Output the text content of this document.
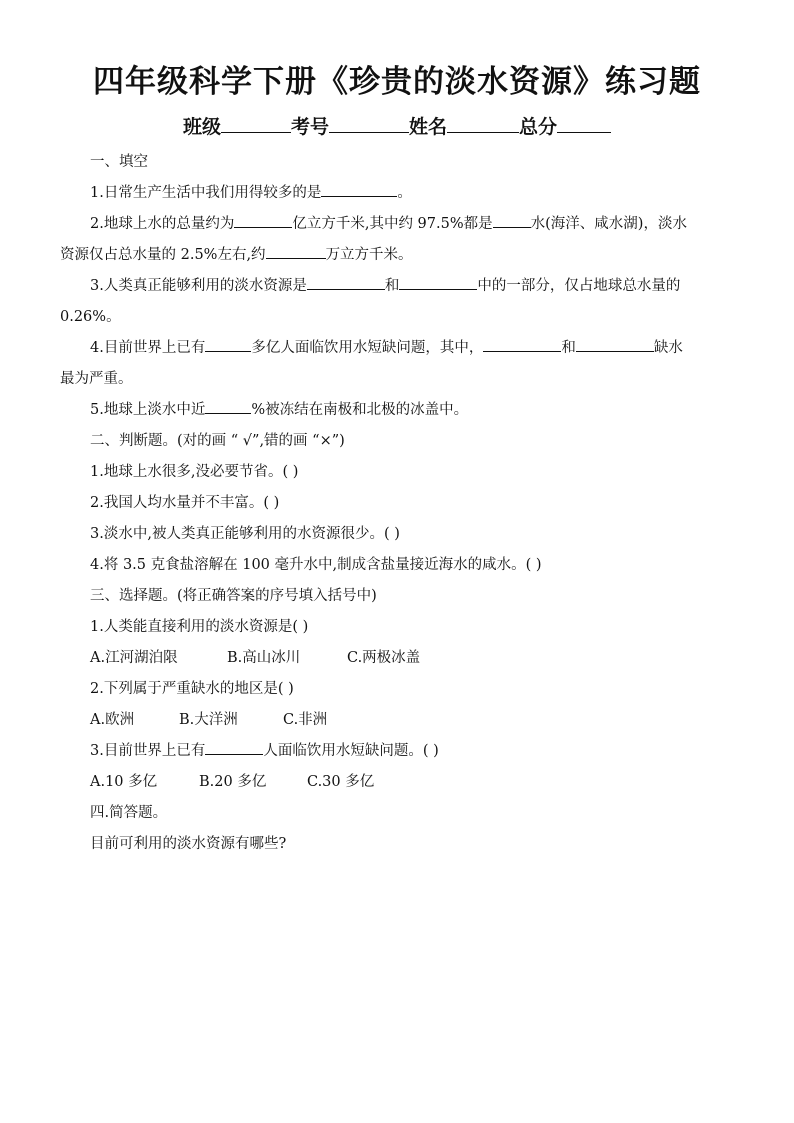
四年级科学下册《珍贵的淡水资源》练习题
班级	考号	姓名	总分
一、填空
1.日常生产生活中我们用得较多的是	。
2.地球上水的总量约为	亿立方千米,其中约 97.5%都是	水(海洋、咸水湖)，淡水
资源仅占总水量的 2.5%左右,约	万立方千米。
3.人类真正能够利用的淡水资源是	和	中的一部分，仅占地球总水量的
0.26%。
4.目前世界上已有	多亿人面临饮用水短缺问题，其中，	和	缺水
最为严重。
5.地球上淡水中近	%被冻结在南极和北极的冰盖中。
二、判断题。(对的画 “ √”,错的画 “×”)
1.地球上水很多,没必要节省。( )
2.我国人均水量并不丰富。( )
3.淡水中,被人类真正能够利用的水资源很少。( )
4.将 3.5 克食盐溶解在 100 毫升水中,制成含盐量接近海水的咸水。( )
三、选择题。(将正确答案的序号填入括号中)
1.人类能直接利用的淡水资源是( )
A.江河湖泊限	B.高山冰川	C.两极冰盖
2.下列属于严重缺水的地区是( )
A.欧洲	B.大洋洲	C.非洲
3.目前世界上已有	人面临饮用水短缺问题。( )
A.10 多亿	B.20 多亿	C.30 多亿
四.简答题。
目前可利用的淡水资源有哪些?
